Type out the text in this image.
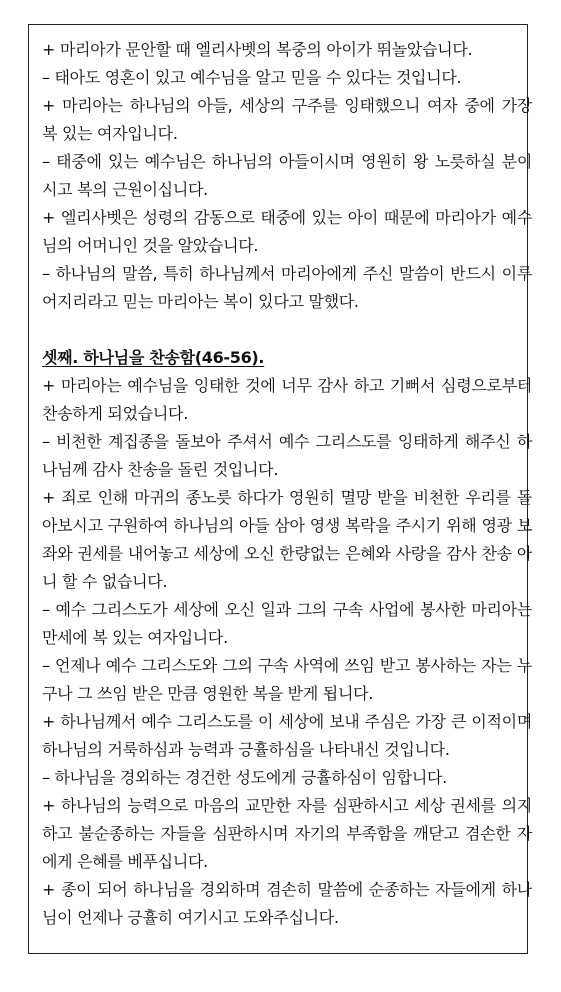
+ 마리아가 문안할 때 엘리사벳의 복중의 아이가 뛰놀았습니다.

– 태아도 영혼이 있고 예수님을 알고 믿을 수 있다는 것입니다.

+ 마리아는 하나님의 아들, 세상의 구주를 잉태했으니 여자 중에 가장 복 있는 여자입니다.

– 태중에 있는 예수님은 하나님의 아들이시며 영원히 왕 노릇하실 분이시고 복의 근원이십니다.

+ 엘리사벳은 성령의 감동으로 태중에 있는 아이 때문에 마리아가 예수님의 어머니인 것을 알았습니다.

– 하나님의 말씀, 특히 하나님께서 마리아에게 주신 말씀이 반드시 이루어지리라고 믿는 마리아는 복이 있다고 말했다.

셋째. 하나님을 찬송함(46-56).

+ 마리아는 예수님을 잉태한 것에 너무 감사 하고 기뻐서 심령으로부터 찬송하게 되었습니다.

– 비천한 계집종을 돌보아 주셔서 예수 그리스도를 잉태하게 해주신 하나님께 감사 찬송을 돌린 것입니다.

+ 죄로 인해 마귀의 종노릇 하다가 영원히 멸망 받을 비천한 우리를 돌아보시고 구원하여 하나님의 아들 삼아 영생 복락을 주시기 위해 영광 보좌와 권세를 내어놓고 세상에 오신 한량없는 은혜와 사랑을 감사 찬송 아니 할 수 없습니다.

– 예수 그리스도가 세상에 오신 일과 그의 구속 사업에 봉사한 마리아는 만세에 복 있는 여자입니다.

– 언제나 예수 그리스도와 그의 구속 사역에 쓰임 받고 봉사하는 자는 누구나 그 쓰임 받은 만큼 영원한 복을 받게 됩니다.

+ 하나님께서 예수 그리스도를 이 세상에 보내 주심은 가장 큰 이적이며 하나님의 거룩하심과 능력과 긍휼하심을 나타내신 것입니다.

– 하나님을 경외하는 경건한 성도에게 긍휼하심이 임합니다.

+ 하나님의 능력으로 마음의 교만한 자를 심판하시고 세상 권세를 의지하고 불순종하는 자들을 심판하시며 자기의 부족함을 깨닫고 겸손한 자에게 은혜를 베푸십니다.

+ 종이 되어 하나님을 경외하며 겸손히 말씀에 순종하는 자들에게 하나님이 언제나 긍휼히 여기시고 도와주십니다.
